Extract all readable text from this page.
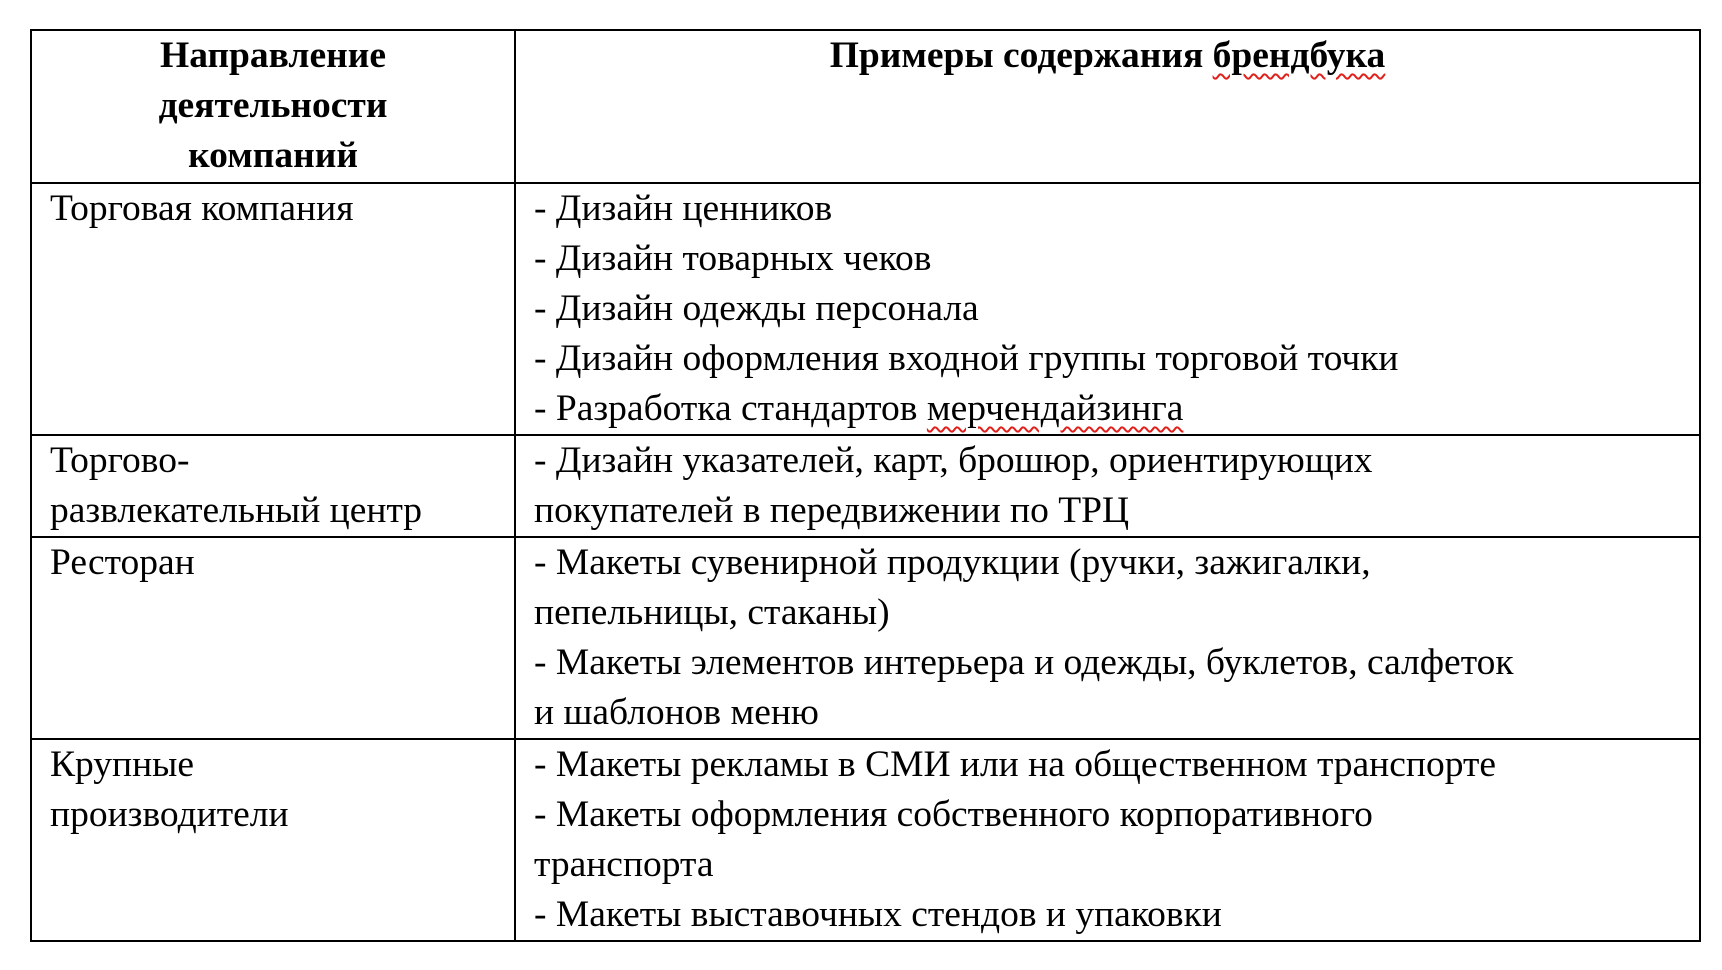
Направление
деятельности
компаний	Примеры содержания брендбука

Торговая компания	- Дизайн ценников
- Дизайн товарных чеков
- Дизайн одежды персонала
- Дизайн оформления входной группы торговой точки
- Разработка стандартов мерчендайзинга

Торгово-
развлекательный центр	- Дизайн указателей, карт, брошюр, ориентирующих
покупателей в передвижении по ТРЦ

Ресторан	- Макеты сувенирной продукции (ручки, зажигалки,
пепельницы, стаканы)
- Макеты элементов интерьера и одежды, буклетов, салфеток
и шаблонов меню

Крупные
производители	- Макеты рекламы в СМИ или на общественном транспорте
- Макеты оформления собственного корпоративного
транспорта
- Макеты выставочных стендов и упаковки
